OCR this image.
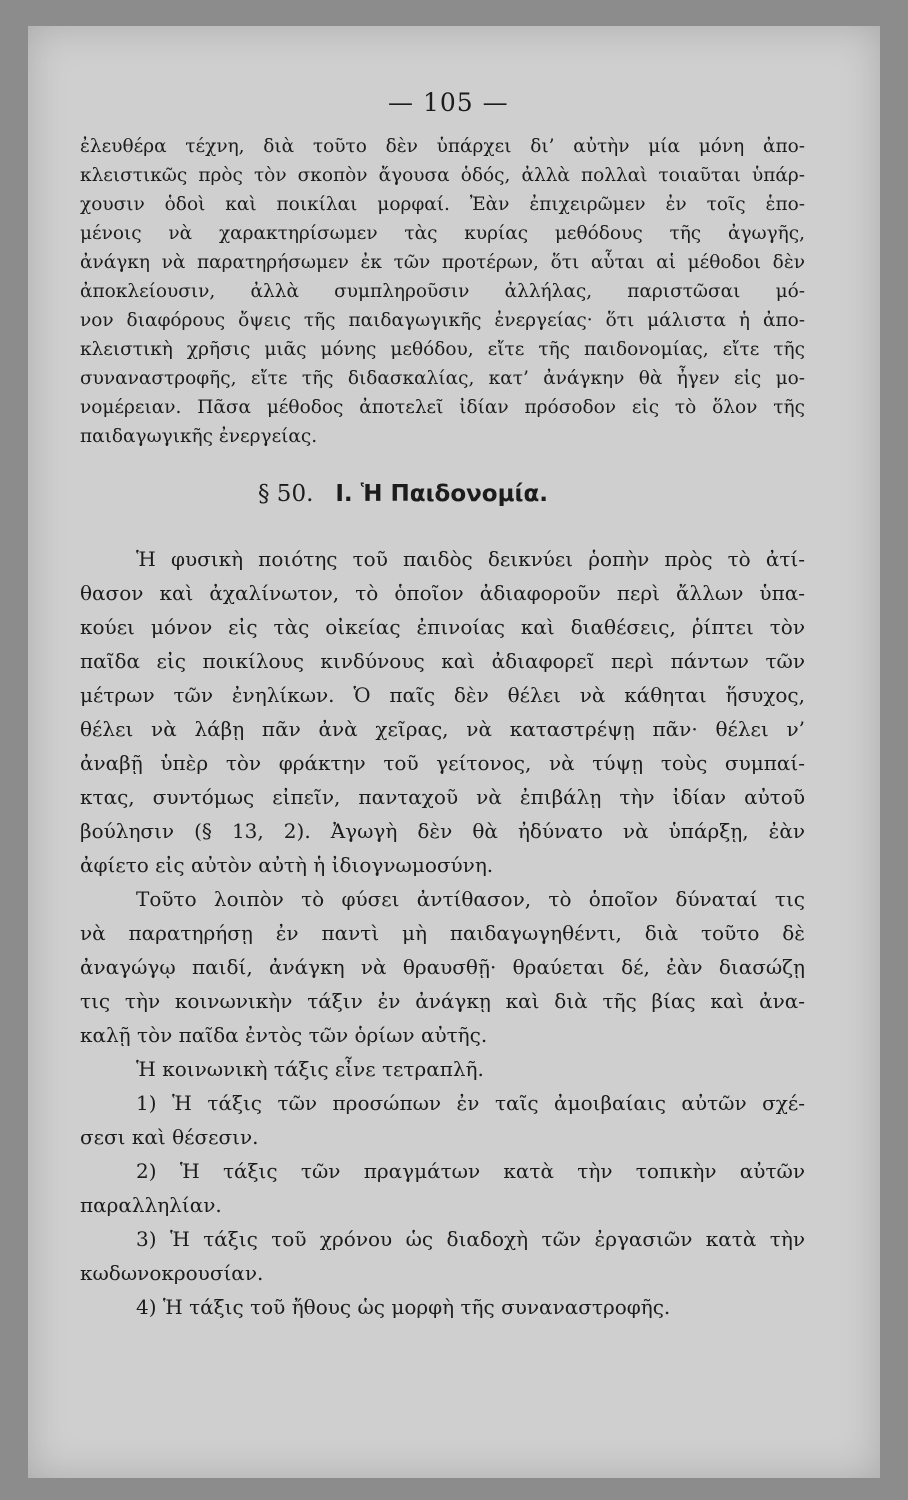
— 105 —
ἐλευθέρα τέχνη, διὰ τοῦτο δὲν ὑπάρχει δι’ αὐτὴν μία μόνη ἀπο-
κλειστικῶς πρὸς τὸν σκοπὸν ἄγουσα ὁδός, ἀλλὰ πολλαὶ τοιαῦται ὑπάρ-
χουσιν ὁδοὶ καὶ ποικίλαι μορφαί. Ἐὰν ἐπιχειρῶμεν ἐν τοῖς ἑπο-
μένοις νὰ χαρακτηρίσωμεν τὰς κυρίας μεθόδους τῆς ἀγωγῆς,
ἀνάγκη νὰ παρατηρήσωμεν ἐκ τῶν προτέρων, ὅτι αὗται αἱ μέθοδοι δὲν
ἀποκλείουσιν, ἀλλὰ συμπληροῦσιν ἀλλήλας, παριστῶσαι μό-
νον διαφόρους ὄψεις τῆς παιδαγωγικῆς ἐνεργείας· ὅτι μάλιστα ἡ ἀπο-
κλειστικὴ χρῆσις μιᾶς μόνης μεθόδου, εἴτε τῆς παιδονομίας, εἴτε τῆς
συναναστροφῆς, εἴτε τῆς διδασκαλίας, κατ’ ἀνάγκην θὰ ἦγεν εἰς μο-
νομέρειαν. Πᾶσα μέθοδος ἀποτελεῖ ἰδίαν πρόσοδον εἰς τὸ ὅλον τῆς
παιδαγωγικῆς ἐνεργείας.
§ 50. I. Ἡ Παιδονομία.
Ἡ φυσικὴ ποιότης τοῦ παιδὸς δεικνύει ῥοπὴν πρὸς τὸ ἀτί-
θασον καὶ ἀχαλίνωτον, τὸ ὁποῖον ἀδιαφοροῦν περὶ ἄλλων ὑπα-
κούει μόνον εἰς τὰς οἰκείας ἐπινοίας καὶ διαθέσεις, ῥίπτει τὸν
παῖδα εἰς ποικίλους κινδύνους καὶ ἀδιαφορεῖ περὶ πάντων τῶν
μέτρων τῶν ἐνηλίκων. Ὁ παῖς δὲν θέλει νὰ κάθηται ἥσυχος,
θέλει νὰ λάβῃ πᾶν ἀνὰ χεῖρας, νὰ καταστρέψῃ πᾶν· θέλει ν’
ἀναβῇ ὑπὲρ τὸν φράκτην τοῦ γείτονος, νὰ τύψῃ τοὺς συμπαί-
κτας, συντόμως εἰπεῖν, πανταχοῦ νὰ ἐπιβάλῃ τὴν ἰδίαν αὐτοῦ
βούλησιν (§ 13, 2). Ἀγωγὴ δὲν θὰ ἠδύνατο νὰ ὑπάρξῃ, ἐὰν
ἀφίετο εἰς αὐτὸν αὐτὴ ἡ ἰδιογνωμοσύνη.
Τοῦτο λοιπὸν τὸ φύσει ἀντίθασον, τὸ ὁποῖον δύναταί τις
νὰ παρατηρήσῃ ἐν παντὶ μὴ παιδαγωγηθέντι, διὰ τοῦτο δὲ
ἀναγώγῳ παιδί, ἀνάγκη νὰ θραυσθῇ· θραύεται δέ, ἐὰν διασώζῃ
τις τὴν κοινωνικὴν τάξιν ἐν ἀνάγκῃ καὶ διὰ τῆς βίας καὶ ἀνα-
καλῇ τὸν παῖδα ἐντὸς τῶν ὁρίων αὐτῆς.
Ἡ κοινωνικὴ τάξις εἶνε τετραπλῆ.
1) Ἡ τάξις τῶν προσώπων ἐν ταῖς ἀμοιβαίαις αὐτῶν σχέ-
σεσι καὶ θέσεσιν.
2) Ἡ τάξις τῶν πραγμάτων κατὰ τὴν τοπικὴν αὐτῶν
παραλληλίαν.
3) Ἡ τάξις τοῦ χρόνου ὡς διαδοχὴ τῶν ἐργασιῶν κατὰ τὴν
κωδωνοκρουσίαν.
4) Ἡ τάξις τοῦ ἤθους ὡς μορφὴ τῆς συναναστροφῆς.
